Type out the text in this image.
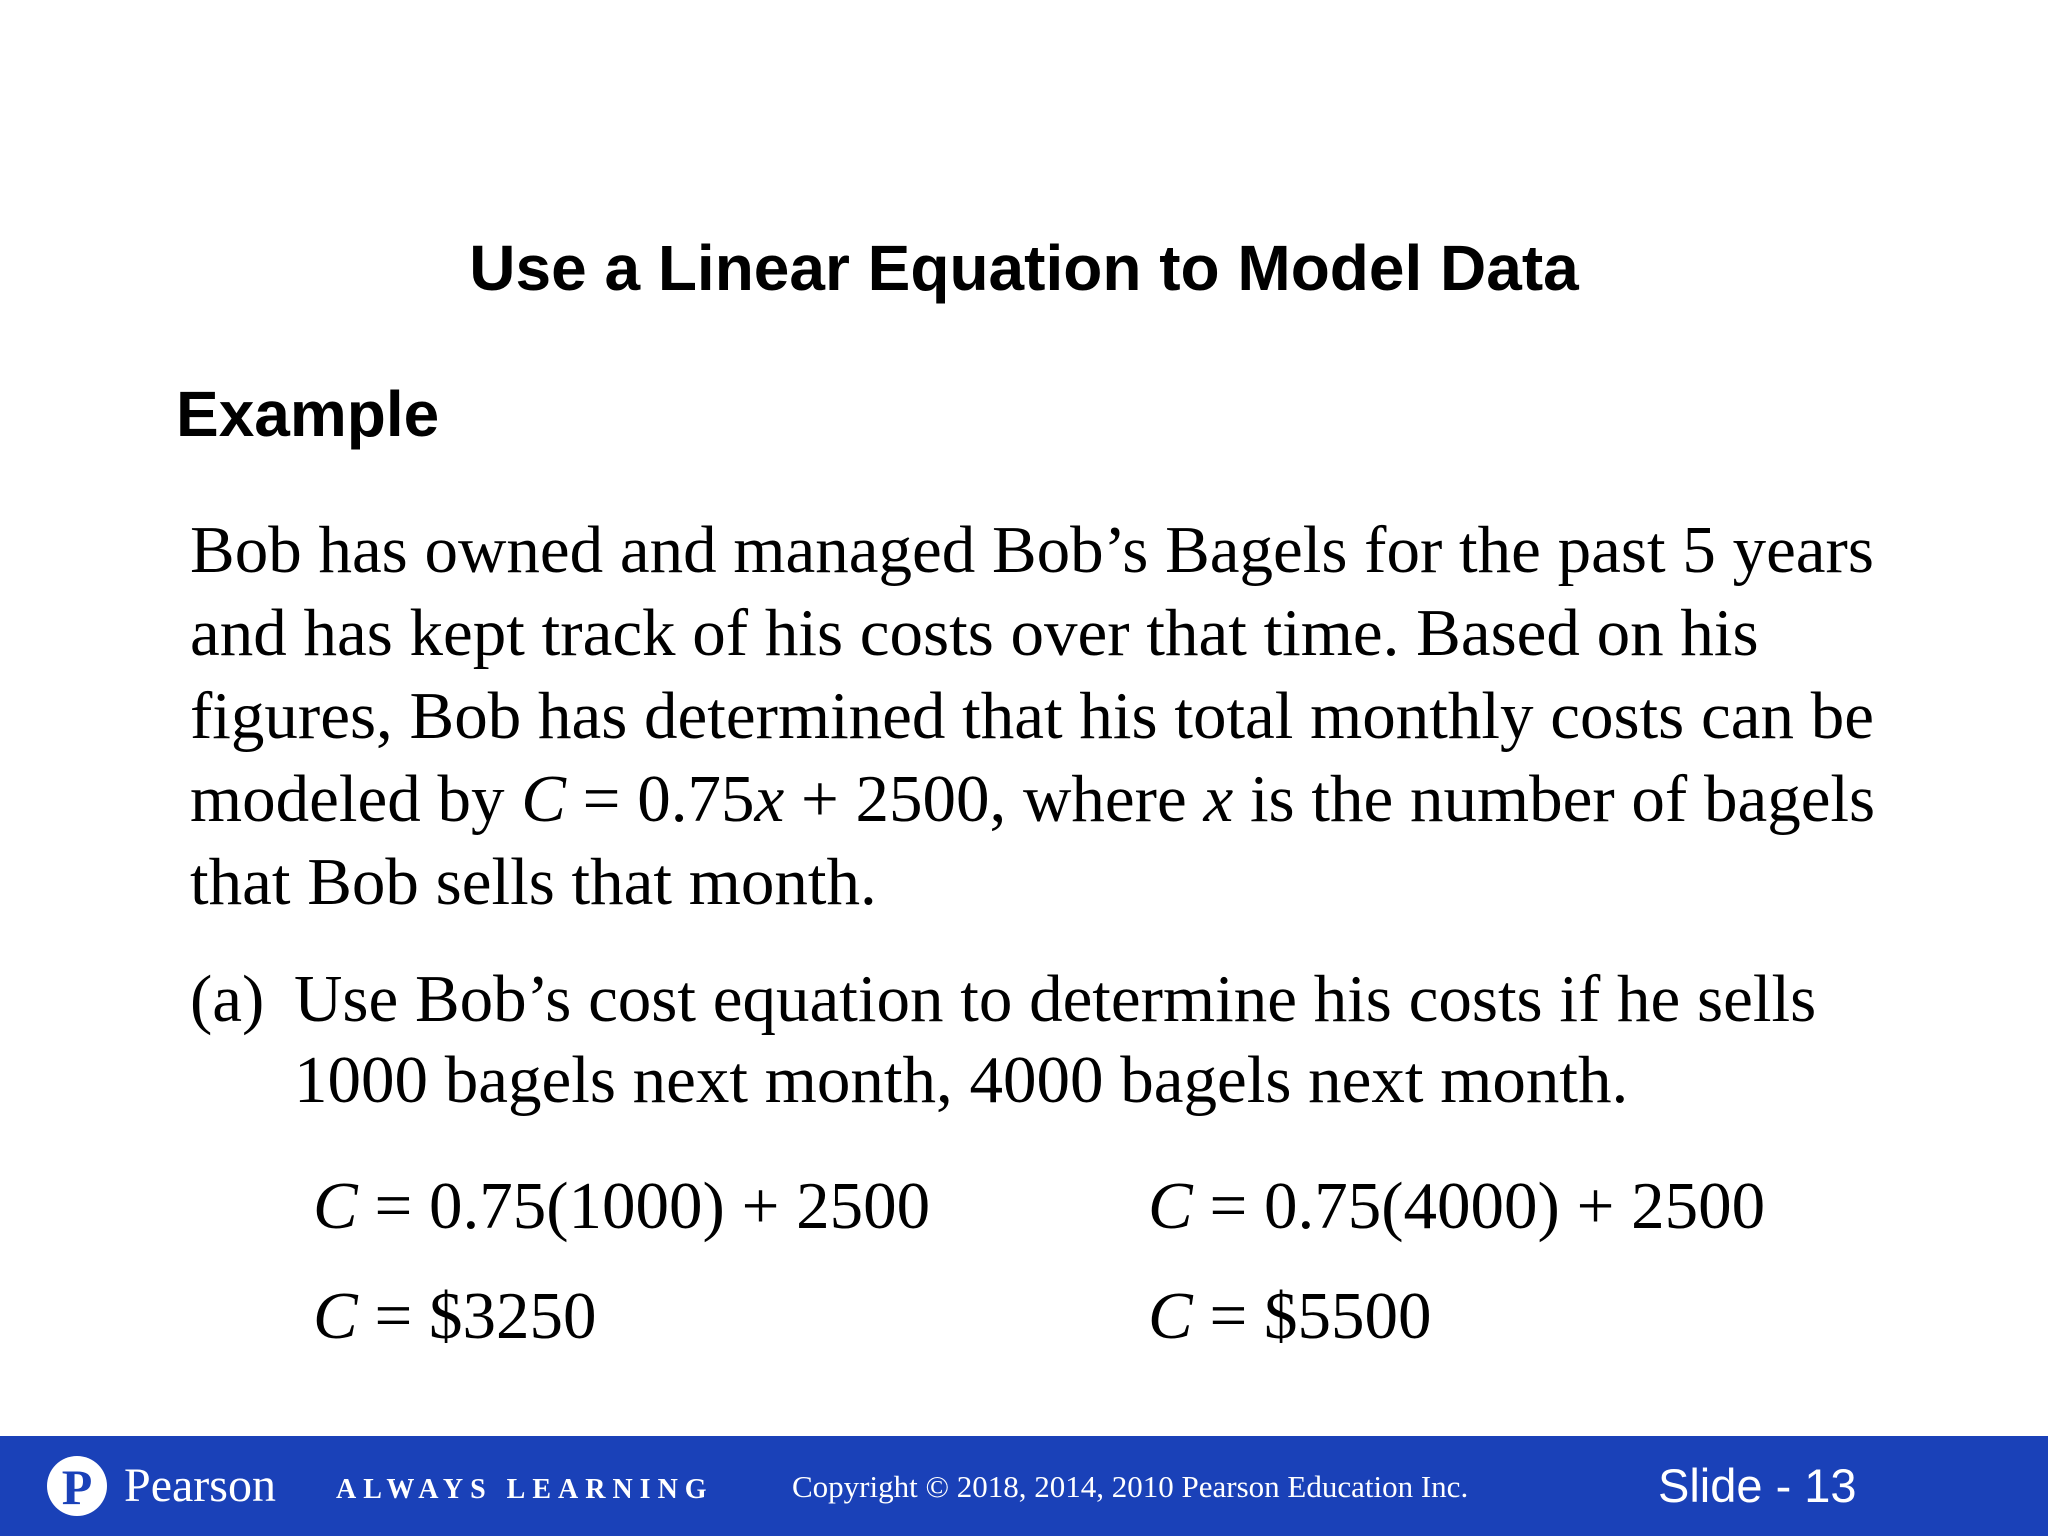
Use a Linear Equation to Model Data
Example
Bob has owned and managed Bob’s Bagels for the past 5 years
and has kept track of his costs over that time. Based on his
figures, Bob has determined that his total monthly costs can be
modeled by C = 0.75x + 2500, where x is the number of bagels
that Bob sells that month.
(a) Use Bob’s cost equation to determine his costs if he sells
1000 bagels next month, 4000 bagels next month.
C = 0.75(1000) + 2500
C = $3250
C = 0.75(4000) + 2500
C = $5500
P Pearson ALWAYS LEARNING	Copyright © 2018, 2014, 2010 Pearson Education Inc.	Slide - 13
